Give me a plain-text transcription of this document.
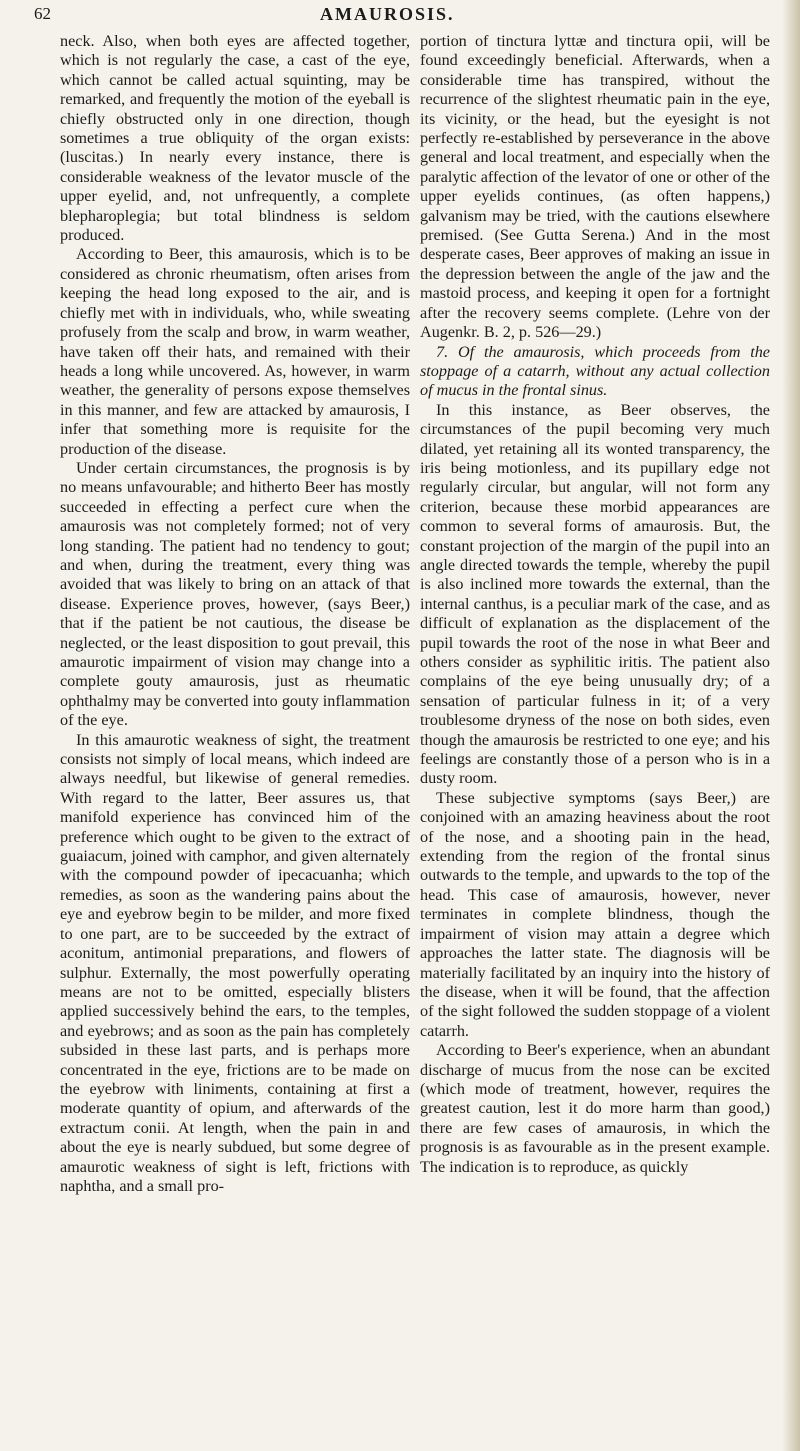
62	AMAUROSIS.

neck. Also, when both eyes are affected together, which is not regularly the case, a cast of the eye, which cannot be called actual squinting, may be remarked, and frequently the motion of the eyeball is chiefly obstructed only in one direction, though sometimes a true obliquity of the organ exists: (luscitas.) In nearly every instance, there is considerable weakness of the levator muscle of the upper eyelid, and, not unfrequently, a complete blepharoplegia; but total blindness is seldom produced.

According to Beer, this amaurosis, which is to be considered as chronic rheumatism, often arises from keeping the head long exposed to the air, and is chiefly met with in individuals, who, while sweating profusely from the scalp and brow, in warm weather, have taken off their hats, and remained with their heads a long while uncovered. As, however, in warm weather, the generality of persons expose themselves in this manner, and few are attacked by amaurosis, I infer that something more is requisite for the production of the disease.

Under certain circumstances, the prognosis is by no means unfavourable; and hitherto Beer has mostly succeeded in effecting a perfect cure when the amaurosis was not completely formed; not of very long standing. The patient had no tendency to gout; and when, during the treatment, every thing was avoided that was likely to bring on an attack of that disease. Experience proves, however, (says Beer,) that if the patient be not cautious, the disease be neglected, or the least disposition to gout prevail, this amaurotic impairment of vision may change into a complete gouty amaurosis, just as rheumatic ophthalmy may be converted into gouty inflammation of the eye.

In this amaurotic weakness of sight, the treatment consists not simply of local means, which indeed are always needful, but likewise of general remedies. With regard to the latter, Beer assures us, that manifold experience has convinced him of the preference which ought to be given to the extract of guaiacum, joined with camphor, and given alternately with the compound powder of ipecacuanha; which remedies, as soon as the wandering pains about the eye and eyebrow begin to be milder, and more fixed to one part, are to be succeeded by the extract of aconitum, antimonial preparations, and flowers of sulphur. Externally, the most powerfully operating means are not to be omitted, especially blisters applied successively behind the ears, to the temples, and eyebrows; and as soon as the pain has completely subsided in these last parts, and is perhaps more concentrated in the eye, frictions are to be made on the eyebrow with liniments, containing at first a moderate quantity of opium, and afterwards of the extractum conii. At length, when the pain in and about the eye is nearly subdued, but some degree of amaurotic weakness of sight is left, frictions with naphtha, and a small pro-

portion of tinctura lyttæ and tinctura opii, will be found exceedingly beneficial. Afterwards, when a considerable time has transpired, without the recurrence of the slightest rheumatic pain in the eye, its vicinity, or the head, but the eyesight is not perfectly re-established by perseverance in the above general and local treatment, and especially when the paralytic affection of the levator of one or other of the upper eyelids continues, (as often happens,) galvanism may be tried, with the cautions elsewhere premised. (See Gutta Serena.) And in the most desperate cases, Beer approves of making an issue in the depression between the angle of the jaw and the mastoid process, and keeping it open for a fortnight after the recovery seems complete. (Lehre von der Augenkr. B. 2, p. 526—29.)

7. Of the amaurosis, which proceeds from the stoppage of a catarrh, without any actual collection of mucus in the frontal sinus.

In this instance, as Beer observes, the circumstances of the pupil becoming very much dilated, yet retaining all its wonted transparency, the iris being motionless, and its pupillary edge not regularly circular, but angular, will not form any criterion, because these morbid appearances are common to several forms of amaurosis. But, the constant projection of the margin of the pupil into an angle directed towards the temple, whereby the pupil is also inclined more towards the external, than the internal canthus, is a peculiar mark of the case, and as difficult of explanation as the displacement of the pupil towards the root of the nose in what Beer and others consider as syphilitic iritis. The patient also complains of the eye being unusually dry; of a sensation of particular fulness in it; of a very troublesome dryness of the nose on both sides, even though the amaurosis be restricted to one eye; and his feelings are constantly those of a person who is in a dusty room.

These subjective symptoms (says Beer,) are conjoined with an amazing heaviness about the root of the nose, and a shooting pain in the head, extending from the region of the frontal sinus outwards to the temple, and upwards to the top of the head. This case of amaurosis, however, never terminates in complete blindness, though the impairment of vision may attain a degree which approaches the latter state. The diagnosis will be materially facilitated by an inquiry into the history of the disease, when it will be found, that the affection of the sight followed the sudden stoppage of a violent catarrh.

According to Beer's experience, when an abundant discharge of mucus from the nose can be excited (which mode of treatment, however, requires the greatest caution, lest it do more harm than good,) there are few cases of amaurosis, in which the prognosis is as favourable as in the present example. The indication is to reproduce, as quickly
